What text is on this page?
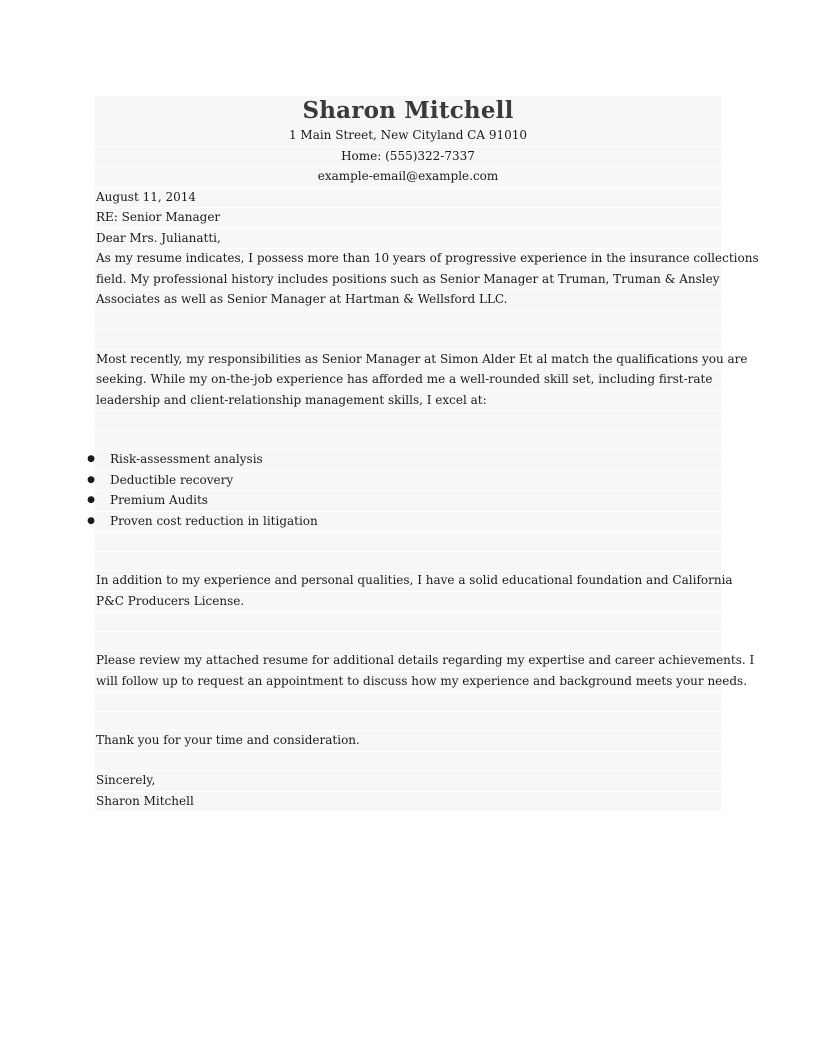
Sharon Mitchell
1 Main Street, New Cityland CA 91010
Home: (555)322-7337
example-email@example.com
August 11, 2014
RE: Senior Manager
Dear Mrs. Julianatti,
As my resume indicates, I possess more than 10 years of progressive experience in the insurance collections
field. My professional history includes positions such as Senior Manager at Truman, Truman & Ansley
Associates as well as Senior Manager at Hartman & Wellsford LLC.
Most recently, my responsibilities as Senior Manager at Simon Alder Et al match the qualifications you are
seeking. While my on-the-job experience has afforded me a well-rounded skill set, including first-rate
leadership and client-relationship management skills, I excel at:
● Risk-assessment analysis
● Deductible recovery
● Premium Audits
● Proven cost reduction in litigation
In addition to my experience and personal qualities, I have a solid educational foundation and California
P&C Producers License.
Please review my attached resume for additional details regarding my expertise and career achievements. I
will follow up to request an appointment to discuss how my experience and background meets your needs.
Thank you for your time and consideration.
Sincerely,
Sharon Mitchell
